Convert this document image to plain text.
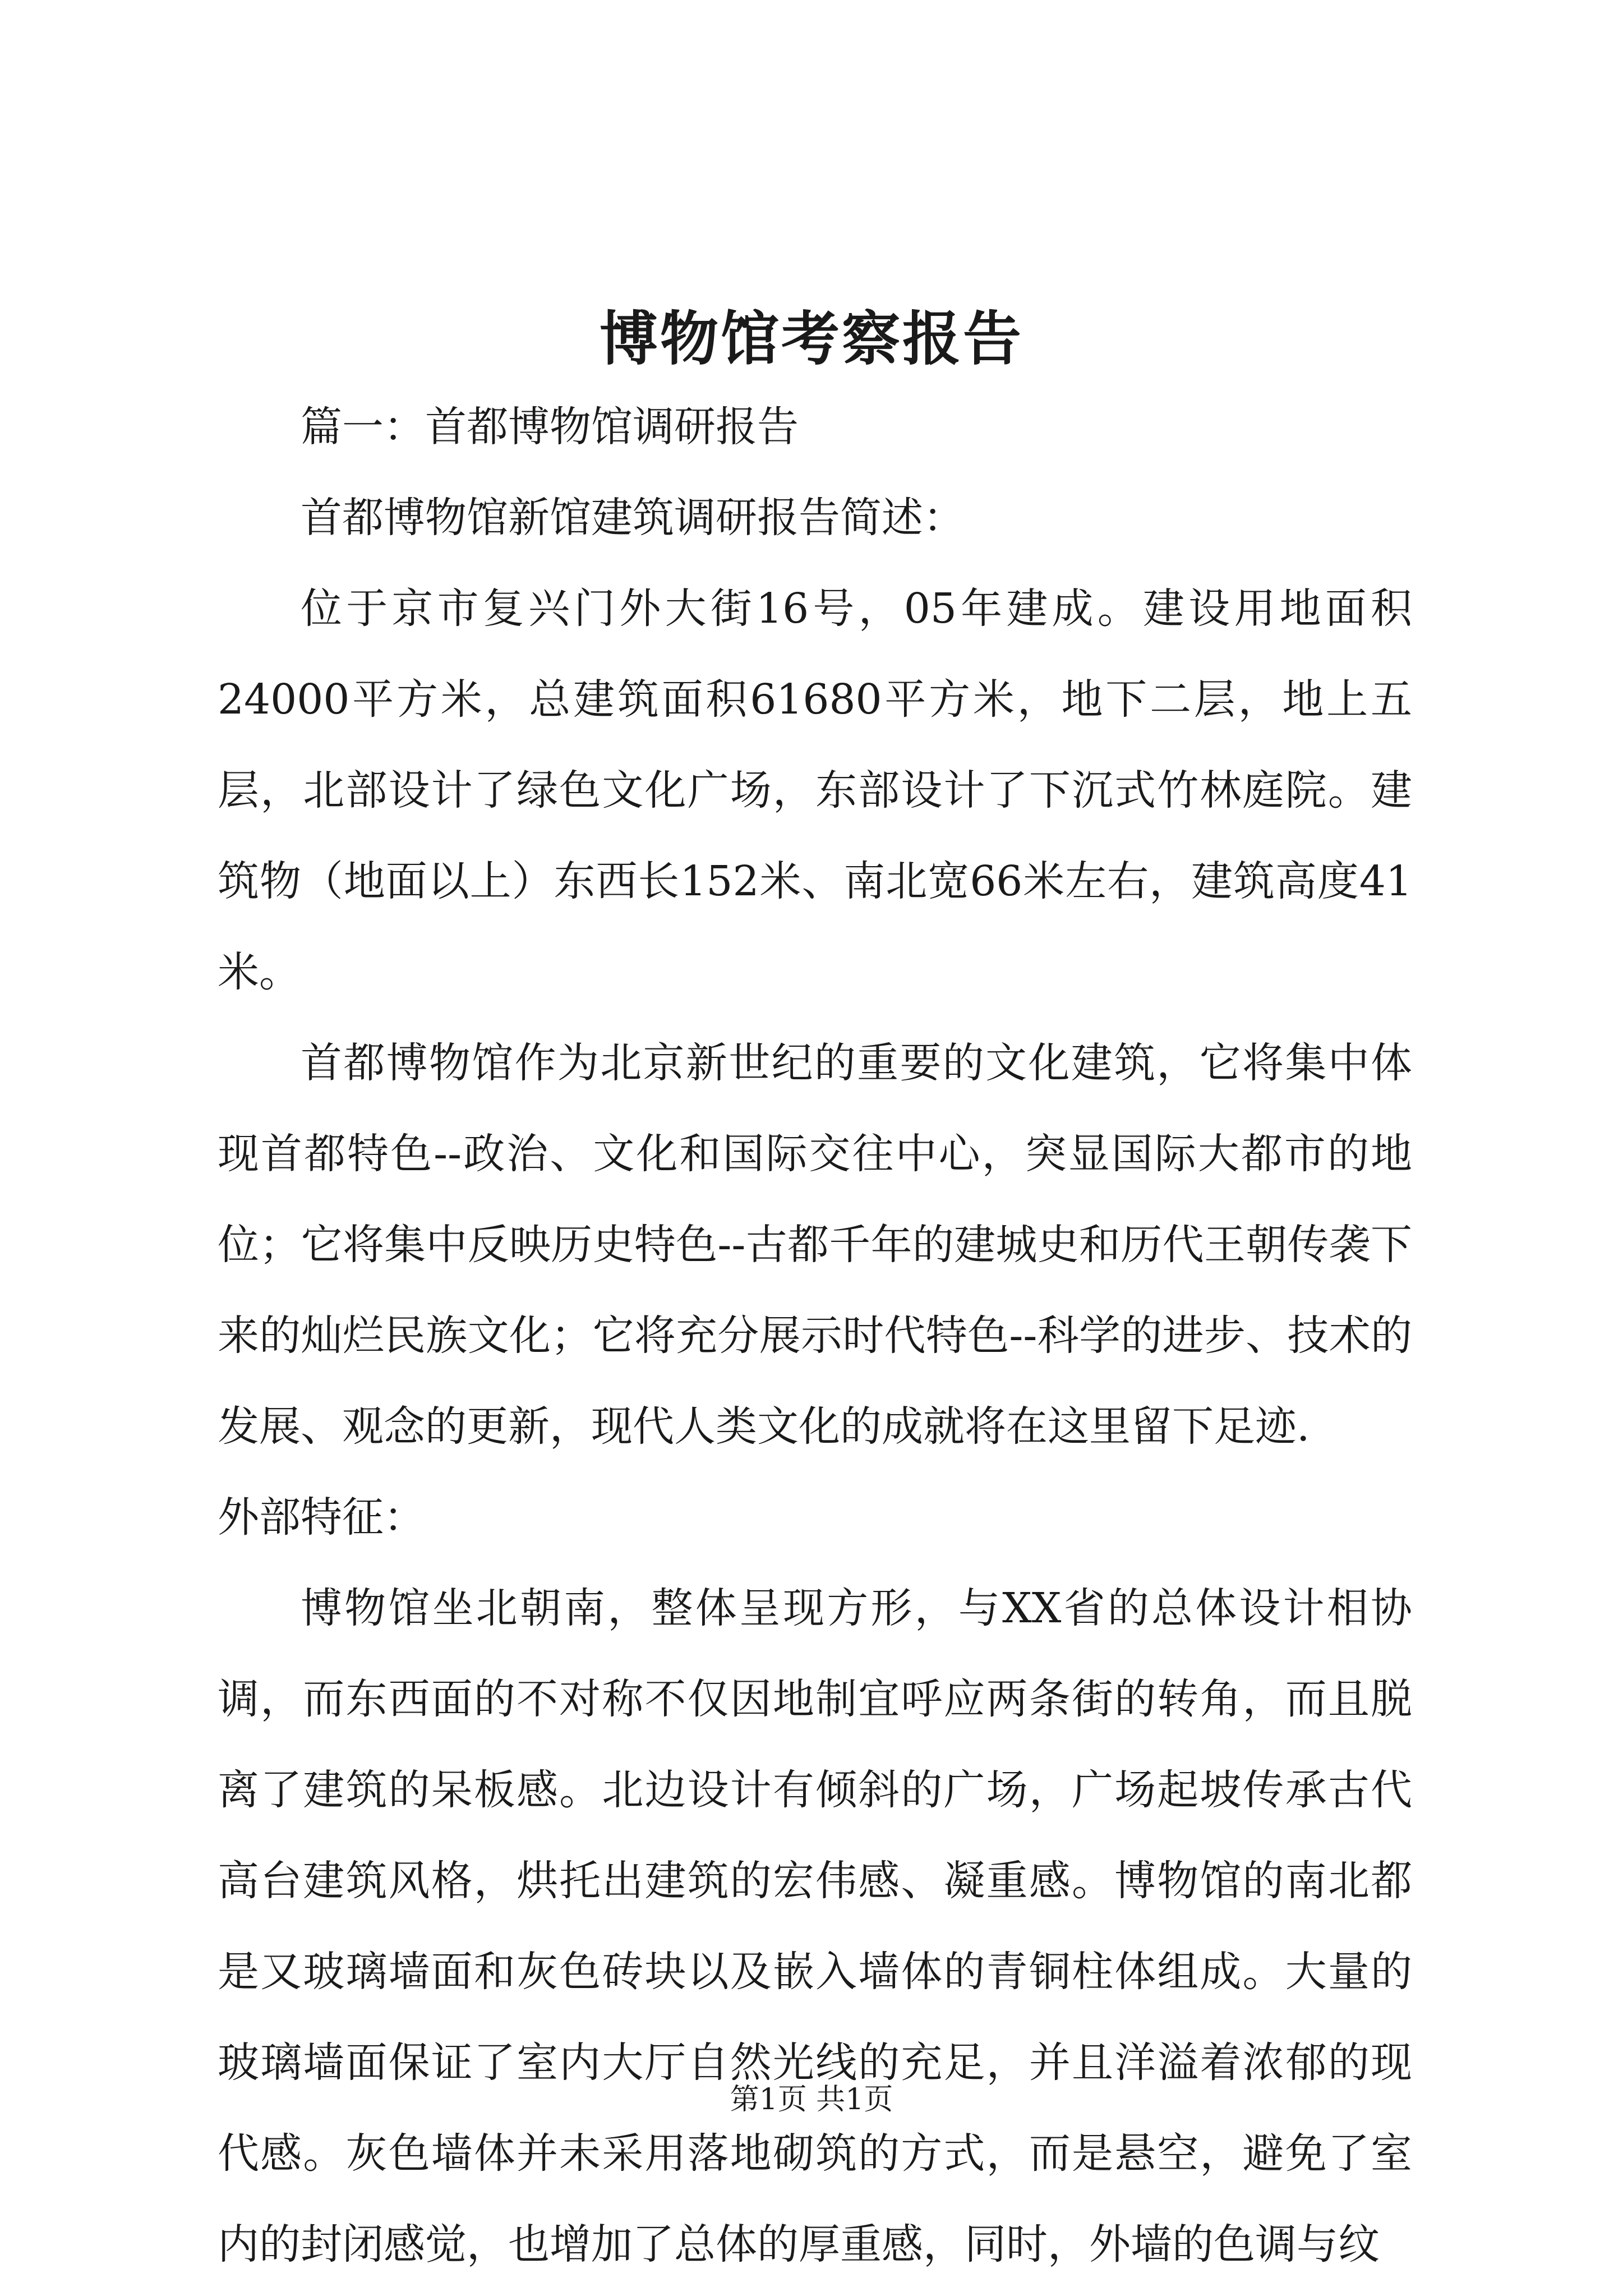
博物馆考察报告

篇一：首都博物馆调研报告

首都博物馆新馆建筑调研报告简述：

位于京市复兴门外大街16号，05年建成。建设用地面积24000平方米，总建筑面积61680平方米，地下二层，地上五层，北部设计了绿色文化广场，东部设计了下沉式竹林庭院。建筑物（地面以上）东西长152米、南北宽66米左右，建筑高度41米。

首都博物馆作为北京新世纪的重要的文化建筑，它将集中体现首都特色--政治、文化和国际交往中心，突显国际大都市的地位；它将集中反映历史特色--古都千年的建城史和历代王朝传袭下来的灿烂民族文化；它将充分展示时代特色--科学的进步、技术的发展、观念的更新，现代人类文化的成就将在这里留下足迹.

外部特征：

博物馆坐北朝南，整体呈现方形，与XX省的总体设计相协调，而东西面的不对称不仅因地制宜呼应两条街的转角，而且脱离了建筑的呆板感。北边设计有倾斜的广场，广场起坡传承古代高台建筑风格，烘托出建筑的宏伟感、凝重感。博物馆的南北都是又玻璃墙面和灰色砖块以及嵌入墙体的青铜柱体组成。大量的玻璃墙面保证了室内大厅自然光线的充足，并且洋溢着浓郁的现代感。灰色墙体并未采用落地砌筑的方式，而是悬空，避免了室内的封闭感觉，也增加了总体的厚重感，同时，外墙的色调与纹

第1页 共1页
